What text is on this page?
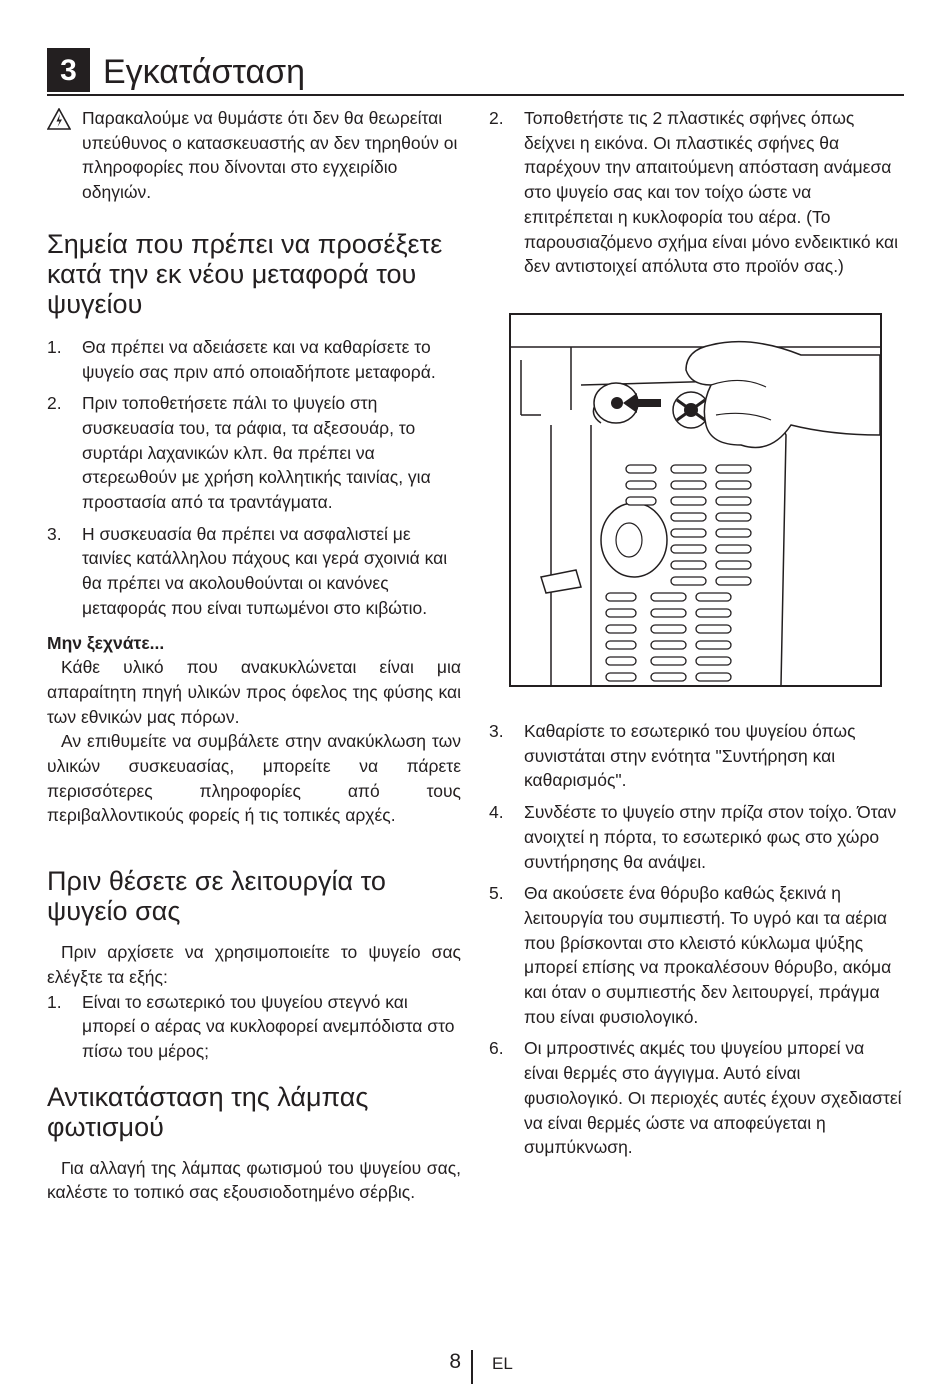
3 Εγκατάσταση
Παρακαλούμε να θυμάστε ότι δεν θα θεωρείται υπεύθυνος ο κατασκευαστής αν δεν τηρηθούν οι πληροφορίες που δίνονται στο εγχειρίδιο οδηγιών.
Σημεία που πρέπει να προσέξετε κατά την εκ νέου μεταφορά του ψυγείου
1. Θα πρέπει να αδειάσετε και να καθαρίσετε το ψυγείο σας πριν από οποιαδήποτε μεταφορά.
2. Πριν τοποθετήσετε πάλι το ψυγείο στη συσκευασία του, τα ράφια, τα αξεσουάρ, το συρτάρι λαχανικών κλπ. θα πρέπει να στερεωθούν με χρήση κολλητικής ταινίας, για προστασία από τα τραντάγματα.
3. Η συσκευασία θα πρέπει να ασφαλιστεί με ταινίες κατάλληλου πάχους και γερά σχοινιά και θα πρέπει να ακολουθούνται οι κανόνες μεταφοράς που είναι τυπωμένοι στο κιβώτιο.
Μην ξεχνάτε...
Κάθε υλικό που ανακυκλώνεται είναι μια απαραίτητη πηγή υλικών προς όφελος της φύσης και των εθνικών μας πόρων.
Αν επιθυμείτε να συμβάλετε στην ανακύκλωση των υλικών συσκευασίας, μπορείτε να πάρετε περισσότερες πληροφορίες από τους περιβαλλοντικούς φορείς ή τις τοπικές αρχές.
Πριν θέσετε σε λειτουργία το ψυγείο σας
Πριν αρχίσετε να χρησιμοποιείτε το ψυγείο σας ελέγξτε τα εξής:
1. Είναι το εσωτερικό του ψυγείου στεγνό και μπορεί ο αέρας να κυκλοφορεί ανεμπόδιστα στο πίσω του μέρος;
Αντικατάσταση της λάμπας φωτισμού
Για αλλαγή της λάμπας φωτισμού του ψυγείου σας, καλέστε το τοπικό σας εξουσιοδοτημένο σέρβις.
2. Τοποθετήστε τις 2 πλαστικές σφήνες όπως δείχνει η εικόνα. Οι πλαστικές σφήνες θα παρέχουν την απαιτούμενη απόσταση ανάμεσα στο ψυγείο σας και τον τοίχο ώστε να επιτρέπεται η κυκλοφορία του αέρα. (Το παρουσιαζόμενο σχήμα είναι μόνο ενδεικτικό και δεν αντιστοιχεί απόλυτα στο προϊόν σας.)
3. Καθαρίστε το εσωτερικό του ψυγείου όπως συνιστάται στην ενότητα "Συντήρηση και καθαρισμός".
4. Συνδέστε το ψυγείο στην πρίζα στον τοίχο. Όταν ανοιχτεί η πόρτα, το εσωτερικό φως στο χώρο συντήρησης θα ανάψει.
5. Θα ακούσετε ένα θόρυβο καθώς ξεκινά η λειτουργία του συμπιεστή. Το υγρό και τα αέρια που βρίσκονται στο κλειστό κύκλωμα ψύξης μπορεί επίσης να προκαλέσουν θόρυβο, ακόμα και όταν ο συμπιεστής δεν λειτουργεί, πράγμα που είναι φυσιολογικό.
6. Οι μπροστινές ακμές του ψυγείου μπορεί να είναι θερμές στο άγγιγμα. Αυτό είναι φυσιολογικό. Οι περιοχές αυτές έχουν σχεδιαστεί να είναι θερμές ώστε να αποφεύγεται η συμπύκνωση.
8 EL
